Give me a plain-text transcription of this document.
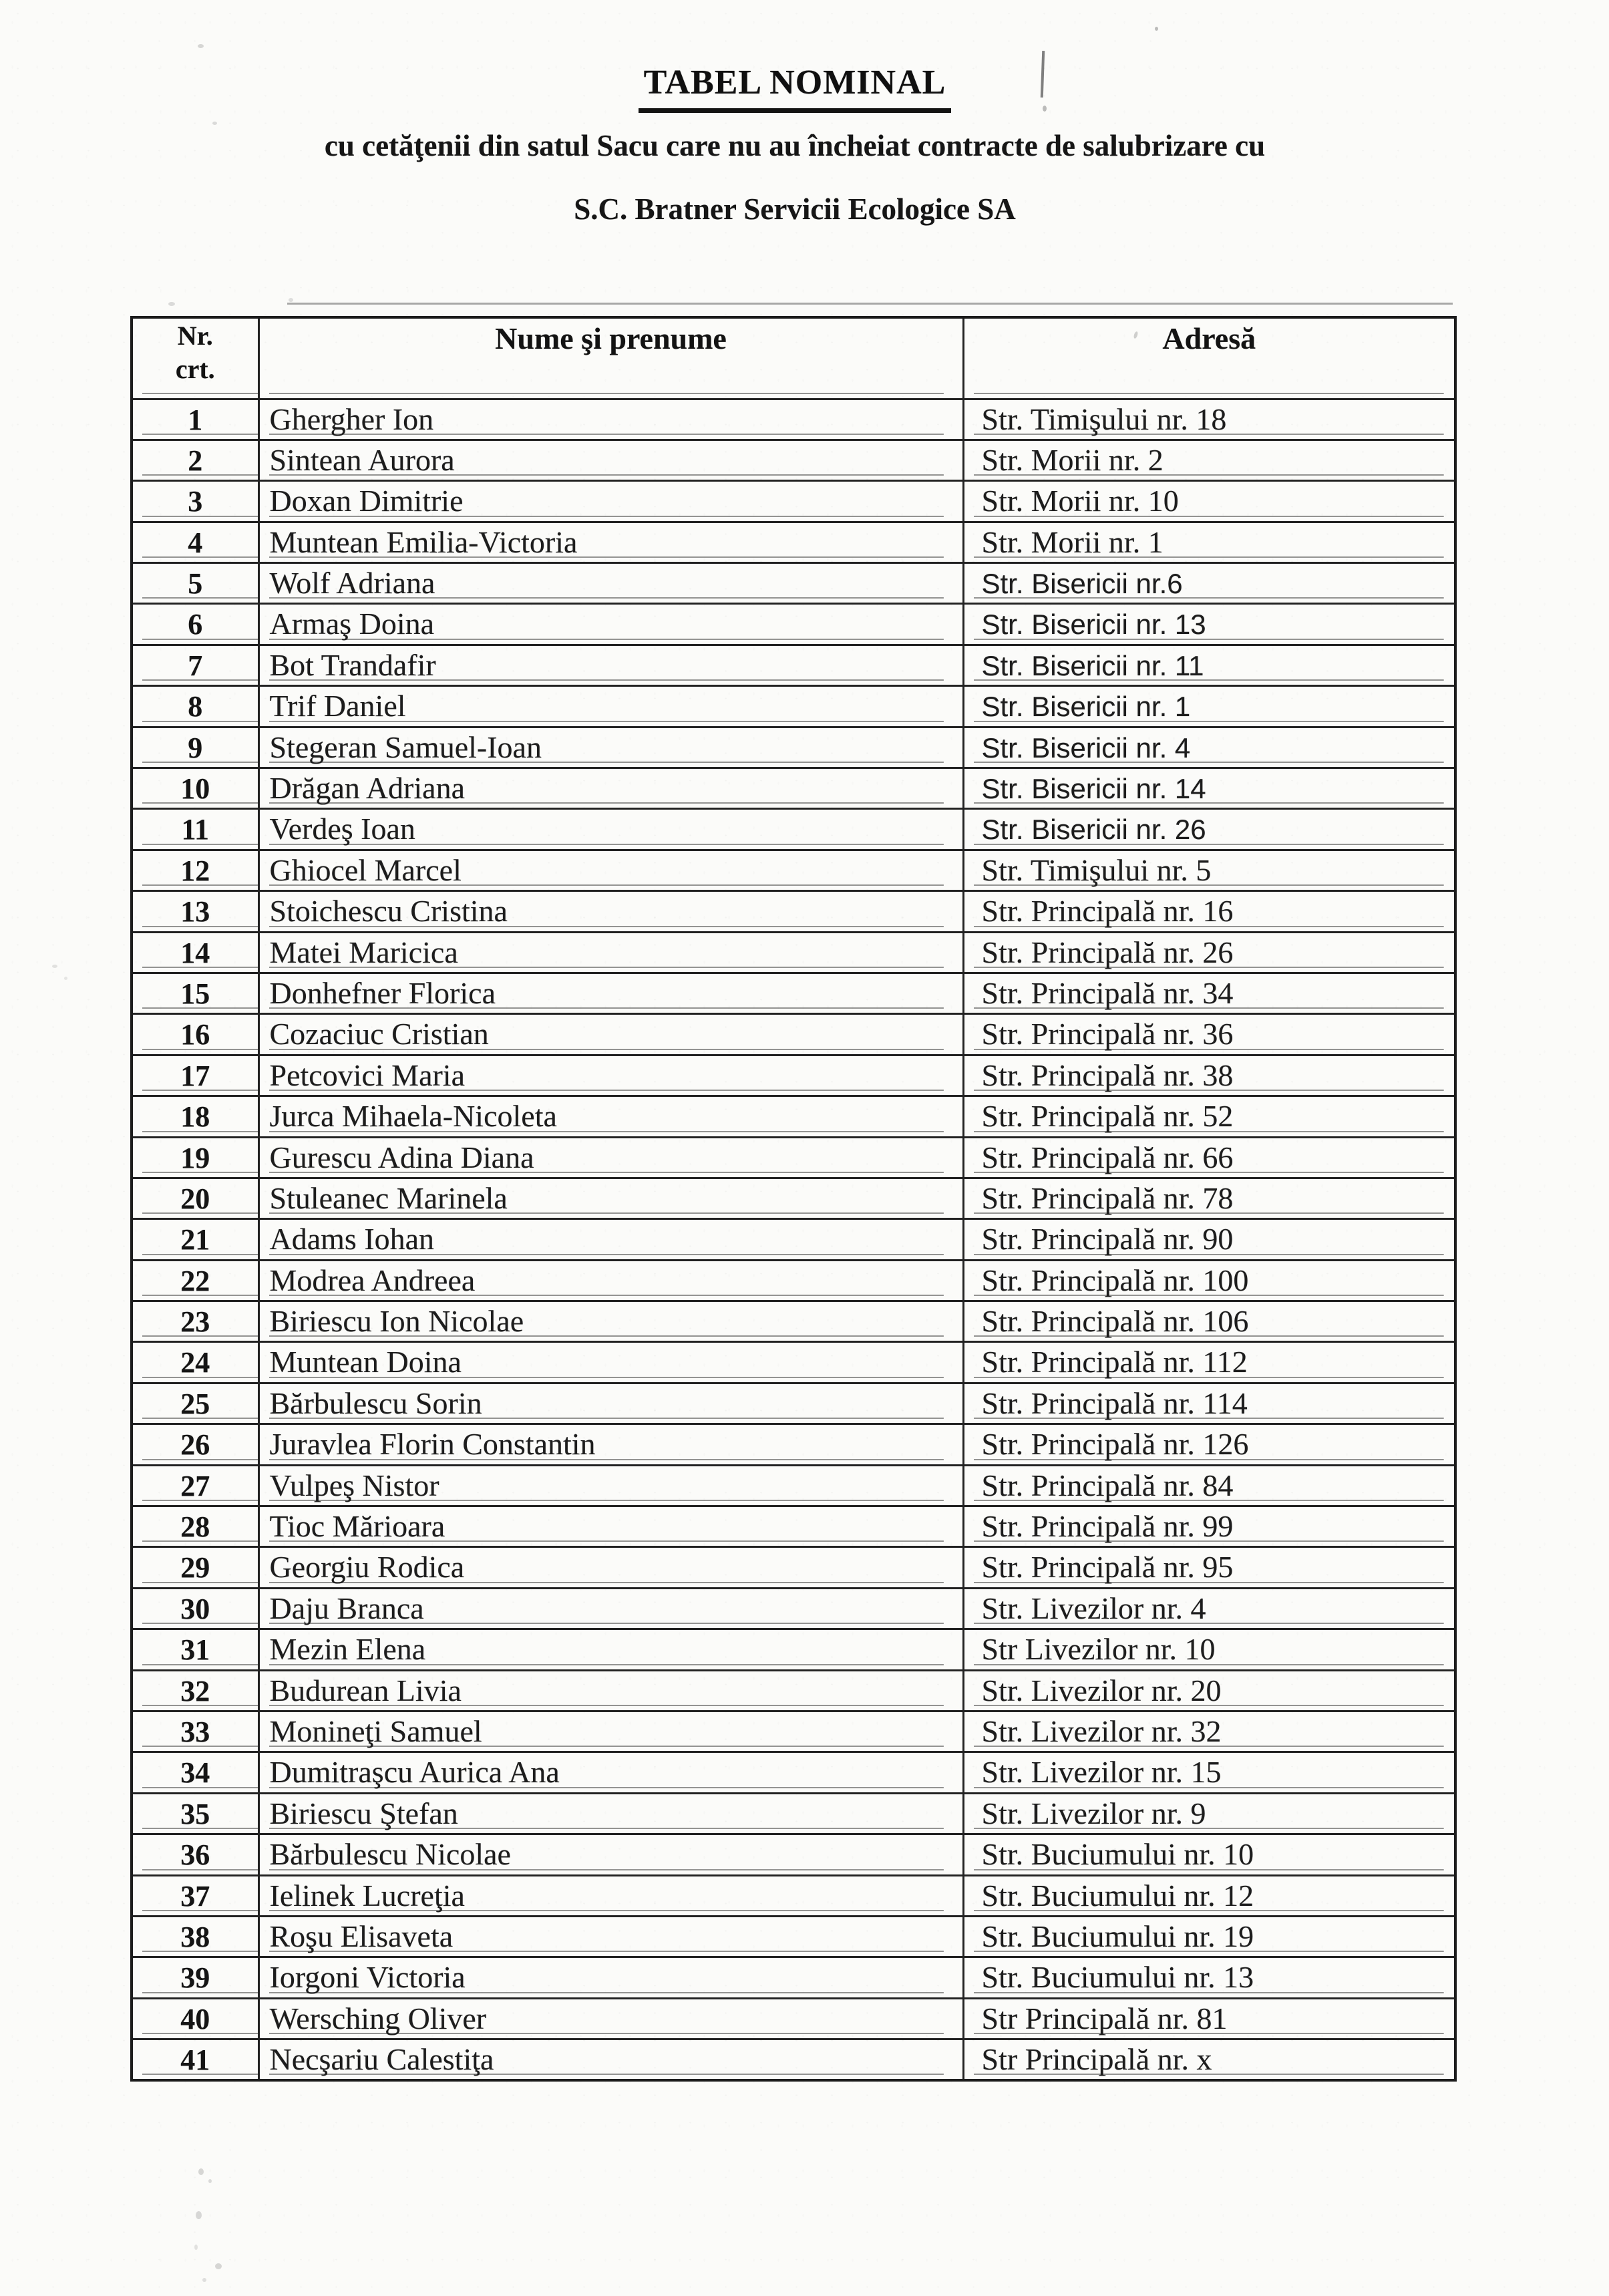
TABEL NOMINAL
cu cetăţenii din satul Sacu care nu au încheiat contracte de salubrizare cu
S.C. Bratner Servicii Ecologice SA
Nr.
crt.	Nume şi prenume	Adresă
1	Ghergher Ion	Str. Timişului nr. 18
2	Sintean Aurora	Str. Morii nr. 2
3	Doxan Dimitrie	Str. Morii nr. 10
4	Muntean Emilia-Victoria	Str. Morii nr. 1
5	Wolf Adriana	Str. Bisericii nr.6
6	Armaş Doina	Str. Bisericii nr. 13
7	Bot Trandafir	Str. Bisericii nr. 11
8	Trif Daniel	Str. Bisericii nr. 1
9	Stegeran Samuel-Ioan	Str. Bisericii nr. 4
10	Drăgan Adriana	Str. Bisericii nr. 14
11	Verdeş Ioan	Str. Bisericii nr. 26
12	Ghiocel Marcel	Str. Timişului nr. 5
13	Stoichescu Cristina	Str. Principală nr. 16
14	Matei Maricica	Str. Principală nr. 26
15	Donhefner Florica	Str. Principală nr. 34
16	Cozaciuc Cristian	Str. Principală nr. 36
17	Petcovici Maria	Str. Principală nr. 38
18	Jurca Mihaela-Nicoleta	Str. Principală nr. 52
19	Gurescu Adina Diana	Str. Principală nr. 66
20	Stuleanec Marinela	Str. Principală nr. 78
21	Adams Iohan	Str. Principală nr. 90
22	Modrea Andreea	Str. Principală nr. 100
23	Biriescu Ion Nicolae	Str. Principală nr. 106
24	Muntean Doina	Str. Principală nr. 112
25	Bărbulescu Sorin	Str. Principală nr. 114
26	Juravlea Florin Constantin	Str. Principală nr. 126
27	Vulpeş Nistor	Str. Principală nr. 84
28	Tioc Mărioara	Str. Principală nr. 99
29	Georgiu Rodica	Str. Principală nr. 95
30	Daju Branca	Str. Livezilor nr. 4
31	Mezin Elena	Str Livezilor nr. 10
32	Budurean Livia	Str. Livezilor nr. 20
33	Monineţi Samuel	Str. Livezilor nr. 32
34	Dumitraşcu Aurica Ana	Str. Livezilor nr. 15
35	Biriescu Ştefan	Str. Livezilor nr. 9
36	Bărbulescu Nicolae	Str. Buciumului nr. 10
37	Ielinek Lucreţia	Str. Buciumului nr. 12
38	Roşu Elisaveta	Str. Buciumului nr. 19
39	Iorgoni Victoria	Str. Buciumului nr. 13
40	Wersching Oliver	Str Principală nr. 81
41	Necşariu Calestiţa	Str Principală nr. x
